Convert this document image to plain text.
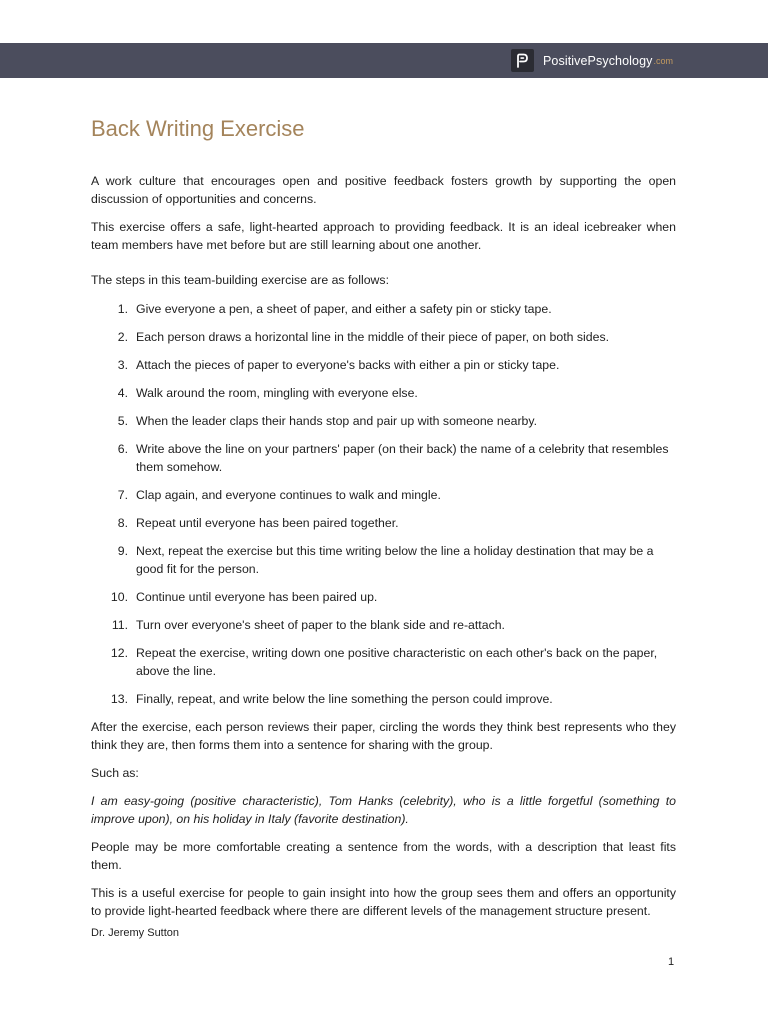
PositivePsychology .com
Back Writing Exercise

A work culture that encourages open and positive feedback fosters growth by supporting the open discussion of opportunities and concerns.

This exercise offers a safe, light-hearted approach to providing feedback. It is an ideal icebreaker when team members have met before but are still learning about one another.

The steps in this team-building exercise are as follows:

1. Give everyone a pen, a sheet of paper, and either a safety pin or sticky tape.
2. Each person draws a horizontal line in the middle of their piece of paper, on both sides.
3. Attach the pieces of paper to everyone's backs with either a pin or sticky tape.
4. Walk around the room, mingling with everyone else.
5. When the leader claps their hands stop and pair up with someone nearby.
6. Write above the line on your partners' paper (on their back) the name of a celebrity that resembles them somehow.
7. Clap again, and everyone continues to walk and mingle.
8. Repeat until everyone has been paired together.
9. Next, repeat the exercise but this time writing below the line a holiday destination that may be a good fit for the person.
10. Continue until everyone has been paired up.
11. Turn over everyone's sheet of paper to the blank side and re-attach.
12. Repeat the exercise, writing down one positive characteristic on each other's back on the paper, above the line.
13. Finally, repeat, and write below the line something the person could improve.

After the exercise, each person reviews their paper, circling the words they think best represents who they think they are, then forms them into a sentence for sharing with the group.

Such as:

I am easy-going (positive characteristic), Tom Hanks (celebrity), who is a little forgetful (something to improve upon), on his holiday in Italy (favorite destination).

People may be more comfortable creating a sentence from the words, with a description that least fits them.

This is a useful exercise for people to gain insight into how the group sees them and offers an opportunity to provide light-hearted feedback where there are different levels of the management structure present.

Dr. Jeremy Sutton
1
